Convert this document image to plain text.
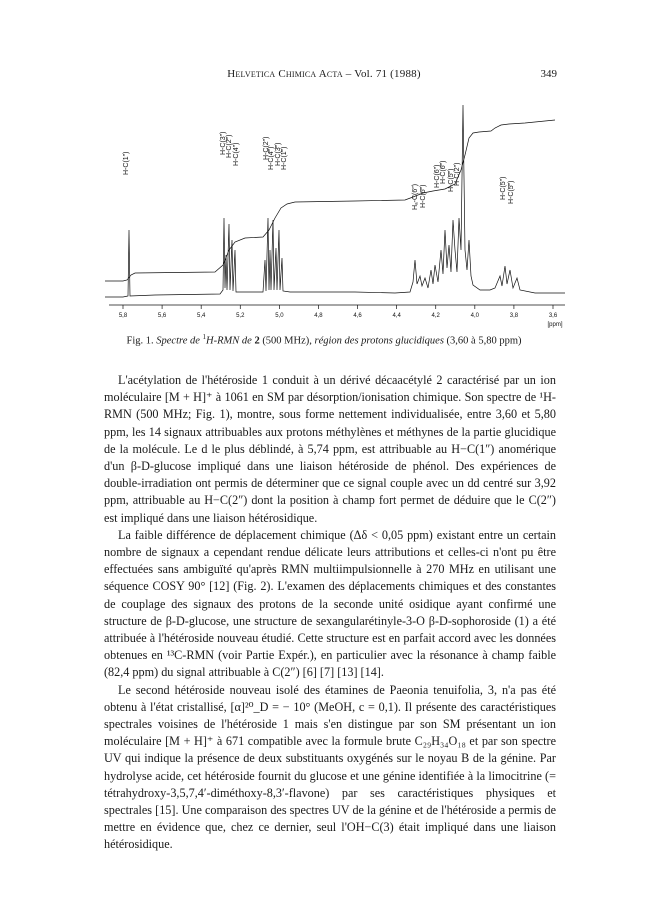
Helvetica Chimica Acta – Vol. 71 (1988)	349
5,8	5,6	5,4	5,2	5,0	4,8	4,6	4,4	4,2	4,0	3,8	3,6
[ppm]
H-C(1″)
H-C(3″) H-C(2‴) H-C(4″)	H-C(2″)
H-C(4‴) H-C(3‴) H-C(1‴)
Hₐ-C(6″) H-C(6‴)
H-C(6″) H-C(6‴) H-C(5‴) H-C(2″)
H-C(5″) H-C(5‴)
Fig. 1. Spectre de $^1$H-RMN de 2 (500 MHz), région des protons glucidiques (3,60 à 5,80 ppm)

L'acétylation de l'hétéroside 1 conduit à un dérivé décaacétylé 2 caractérisé par un ion moléculaire [M + H]⁺ à 1061 en SM par désorption/ionisation chimique. Son spectre de ¹H-RMN (500 MHz; Fig. 1), montre, sous forme nettement individualisée, entre 3,60 et 5,80 ppm, les 14 signaux attribuables aux protons méthylènes et méthynes de la partie glucidique de la molécule. Le d le plus déblindé, à 5,74 ppm, est attribuable au H−C(1″) anomérique d'un β-D-glucose impliqué dans une liaison hétéroside de phénol. Des expériences de double-irradiation ont permis de déterminer que ce signal couple avec un dd centré sur 3,92 ppm, attribuable au H−C(2″) dont la position à champ fort permet de déduire que le C(2″) est impliqué dans une liaison hétérosidique.

La faible différence de déplacement chimique (Δδ < 0,05 ppm) existant entre un certain nombre de signaux a cependant rendue délicate leurs attributions et celles-ci n'ont pu être effectuées sans ambiguïté qu'après RMN multiimpulsionnelle à 270 MHz en utilisant une séquence COSY 90° [12] (Fig. 2). L'examen des déplacements chimiques et des constantes de couplage des signaux des protons de la seconde unité osidique ayant confirmé une structure de β-D-glucose, une structure de sexangularétinyle-3-O β-D-sophoroside (1) a été attribuée à l'hétéroside nouveau étudié. Cette structure est en parfait accord avec les données obtenues en ¹³C-RMN (voir Partie Expér.), en particulier avec la résonance à champ faible (82,4 ppm) du signal attribuable à C(2″) [6] [7] [13] [14].

Le second hétéroside nouveau isolé des étamines de Paeonia tenuifolia, 3, n'a pas été obtenu à l'état cristallisé, [α]²⁰_D = − 10° (MeOH, c = 0,1). Il présente des caractéristiques spectrales voisines de l'hétéroside 1 mais s'en distingue par son SM présentant un ion moléculaire [M + H]⁺ à 671 compatible avec la formule brute C₂₉H₃₄O₁₈ et par son spectre UV qui indique la présence de deux substituants oxygénés sur le noyau B de la génine. Par hydrolyse acide, cet hétéroside fournit du glucose et une génine identifiée à la limocitrine (= tétrahydroxy-3,5,7,4′-diméthoxy-8,3′-flavone) par ses caractéristiques physiques et spectrales [15]. Une comparaison des spectres UV de la génine et de l'hétéroside a permis de mettre en évidence que, chez ce dernier, seul l'OH−C(3) était impliqué dans une liaison hétérosidique.
